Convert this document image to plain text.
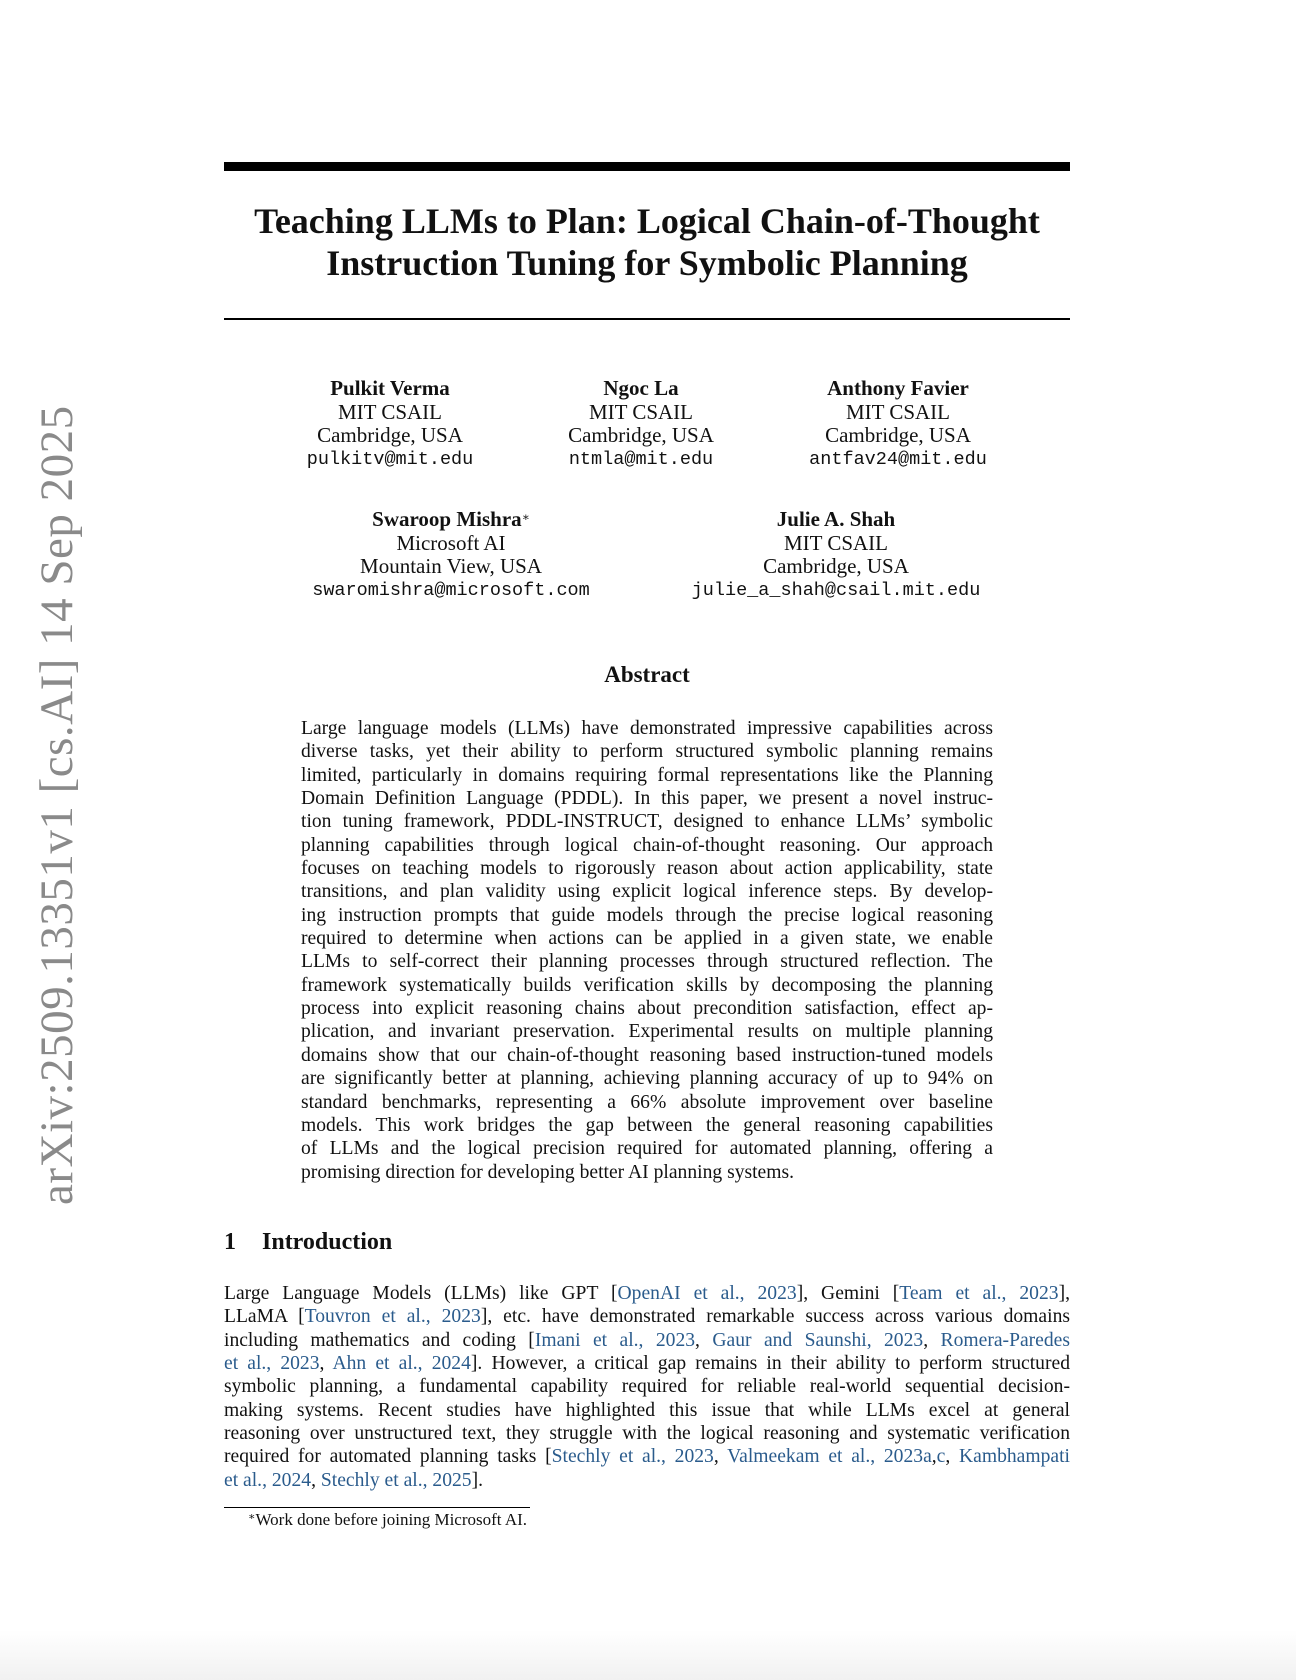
arXiv:2509.13351v1 [cs.AI] 14 Sep 2025
Teaching LLMs to Plan: Logical Chain-of-Thought
Instruction Tuning for Symbolic Planning
Pulkit Verma
MIT CSAIL
Cambridge, USA
pulkitv@mit.edu
Ngoc La
MIT CSAIL
Cambridge, USA
ntmla@mit.edu
Anthony Favier
MIT CSAIL
Cambridge, USA
antfav24@mit.edu
Swaroop Mishra∗
Microsoft AI
Mountain View, USA
swaromishra@microsoft.com
Julie A. Shah
MIT CSAIL
Cambridge, USA
julie_a_shah@csail.mit.edu
Abstract
Large language models (LLMs) have demonstrated impressive capabilities across
diverse tasks, yet their ability to perform structured symbolic planning remains
limited, particularly in domains requiring formal representations like the Planning
Domain Definition Language (PDDL). In this paper, we present a novel instruc-
tion tuning framework, PDDL-INSTRUCT, designed to enhance LLMs’ symbolic
planning capabilities through logical chain-of-thought reasoning. Our approach
focuses on teaching models to rigorously reason about action applicability, state
transitions, and plan validity using explicit logical inference steps. By develop-
ing instruction prompts that guide models through the precise logical reasoning
required to determine when actions can be applied in a given state, we enable
LLMs to self-correct their planning processes through structured reflection. The
framework systematically builds verification skills by decomposing the planning
process into explicit reasoning chains about precondition satisfaction, effect ap-
plication, and invariant preservation. Experimental results on multiple planning
domains show that our chain-of-thought reasoning based instruction-tuned models
are significantly better at planning, achieving planning accuracy of up to 94% on
standard benchmarks, representing a 66% absolute improvement over baseline
models. This work bridges the gap between the general reasoning capabilities
of LLMs and the logical precision required for automated planning, offering a
promising direction for developing better AI planning systems.
1 Introduction
Large Language Models (LLMs) like GPT [OpenAI et al., 2023], Gemini [Team et al., 2023],
LLaMA [Touvron et al., 2023], etc. have demonstrated remarkable success across various domains
including mathematics and coding [Imani et al., 2023, Gaur and Saunshi, 2023, Romera-Paredes
et al., 2023, Ahn et al., 2024]. However, a critical gap remains in their ability to perform structured
symbolic planning, a fundamental capability required for reliable real-world sequential decision-
making systems. Recent studies have highlighted this issue that while LLMs excel at general
reasoning over unstructured text, they struggle with the logical reasoning and systematic verification
required for automated planning tasks [Stechly et al., 2023, Valmeekam et al., 2023a,c, Kambhampati
et al., 2024, Stechly et al., 2025].
∗Work done before joining Microsoft AI.
